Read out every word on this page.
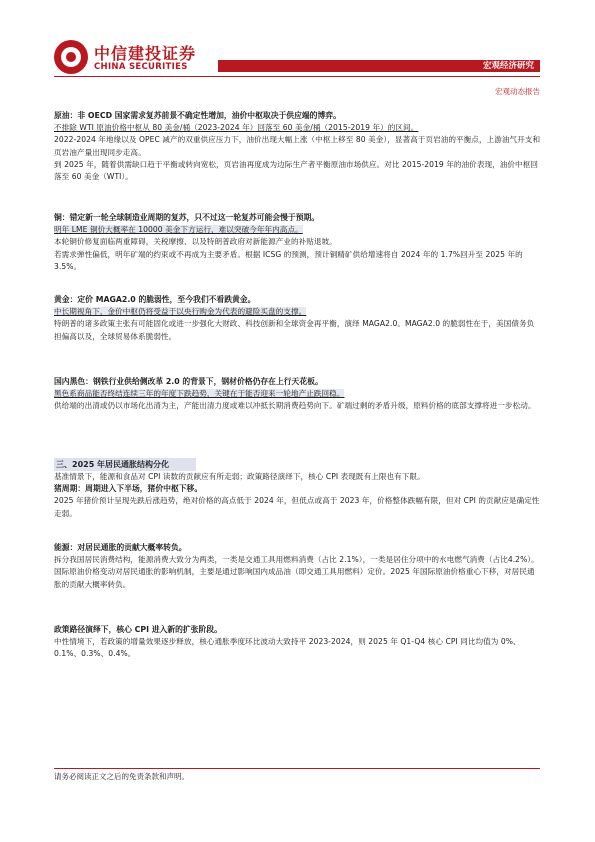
中信建投证券
CHINA SECURITIES	宏观经济研究
宏观动态报告

原油：非 OECD 国家需求复苏前景不确定性增加，油价中枢取决于供应端的博弈。

不排除 WTI 原油价格中枢从 80 美金/桶（2023-2024 年）回落至 60 美金/桶（2015-2019 年）的区间。

2022-2024 年地缘以及 OPEC 减产的双重供应压力下，油价出现大幅上涨（中枢上移至 80 美金），显著高于页岩油的平衡点，上游油气开支和页岩油产量出现同步走高。

到 2025 年，随着供需缺口趋于平衡或转向宽松，页岩油再度成为边际生产者平衡原油市场供应。对比 2015-2019 年的油价表现，油价中枢回落至 60 美金（WTI）。

铜：错定新一轮全球制造业周期的复苏，只不过这一轮复苏可能会慢于预期。

明年 LME 铜价大概率在 10000 美金下方运行，难以突破今年年内高点。

本轮铜价修复面临两重障碍，关税摩擦、以及特朗普政府对新能源产业的补贴退坡。

若需求弹性偏低，明年矿端的约束或不再成为主要矛盾。根据 ICSG 的预测，预计铜精矿供给增速将自 2024 年的 1.7%回升至 2025 年的 3.5%。

黄金：定价 MAGA2.0 的脆弱性，至今我们不看跌黄金。

中长期视角下，金价中枢仍将受益于以央行购金为代表的避险买盘的支撑。

特朗普的诸多政策主张有可能固化或进一步强化大财政、科技创新和全球资金再平衡，演绎 MAGA2.0。MAGA2.0 的脆弱性在于，美国债务负担偏高以及，全球贸易体系脆弱性。

国内黑色：钢铁行业供给侧改革 2.0 的背景下，钢材价格仍存在上行天花板。

黑色系商品能否终结连续三年的年度下跌趋势，关键在于能否迎来一轮地产止跌回稳。

供给端的出清或仍以市场化出清为主，产能出清力度或难以冲抵长期消费趋势向下。矿端过剩的矛盾升级，原料价格的底部支撑将进一步松动。

三、2025 年居民通胀结构分化

基准情景下，能源和食品对 CPI 读数的贡献应有所走弱；政策路径演绎下，核心 CPI 表现既有上限也有下限。

猪周期：周期进入下半场，猪价中枢下移。

2025 年猪价预计呈现先跌后涨趋势，绝对价格的高点低于 2024 年，但低点或高于 2023 年，价格整体跌幅有限，但对 CPI 的贡献应是确定性走弱。

能源：对居民通胀的贡献大概率转负。

拆分我国居民消费结构，能源消费大致分为两类，一类是交通工具用燃料消费（占比 2.1%），一类是居住分项中的水电燃气消费（占比4.2%）。

国际原油价格变动对居民通胀的影响机制，主要是通过影响国内成品油（即交通工具用燃料）定价。2025 年国际原油价格重心下移，对居民通胀的贡献大概率转负。

政策路径演绎下，核心 CPI 进入新的扩张阶段。

中性情境下，若政策的增量效果逐步释放，核心通胀季度环比波动大致持平 2023-2024，则 2025 年 Q1-Q4 核心 CPI 同比均值为 0%、0.1%、0.3%、0.4%。

请务必阅读正文之后的免责条款和声明。
